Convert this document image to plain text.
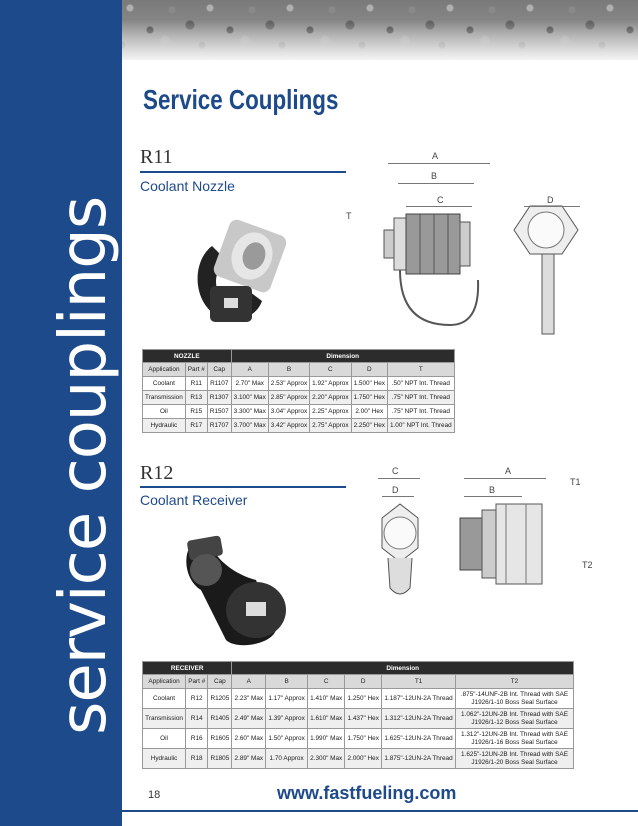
service couplings
Service Couplings
R11
Coolant Nozzle
A
B
C	D
T
NOZZLE			Dimension				
Application	Part #	Cap	A	B	C	D	T
Coolant	R11	R1107	2.70" Max	2.53" Approx	1.92" Approx	1.500" Hex	.50" NPT Int. Thread
Transmission	R13	R1307	3.100" Max	2.85" Approx	2.20" Approx	1.750" Hex	.75" NPT Int. Thread
Oil	R15	R1507	3.300" Max	3.04" Approx	2.25" Approx	2.00" Hex	.75" NPT Int. Thread
Hydraulic	R17	R1707	3.700" Max	3.42" Approx	2.75" Approx	2.250" Hex	1.00" NPT Int. Thread
R12
Coolant Receiver
C
D
A
B
T1
T2
RECEIVER			Dimension					
Application	Part #	Cap	A	B	C	D	T1	T2
Coolant	R12	R1205	2.23" Max	1.17" Approx	1.410" Max	1.250" Hex	1.187"-12UN-2A Thread	.875"-14UNF-2B Int. Thread with SAE J1926/1-10 Boss Seal Surface
Transmission	R14	R1405	2.49" Max	1.39" Approx	1.610" Max	1.437" Hex	1.312"-12UN-2A Thread	1.062"-12UN-2B Int. Thread with SAE J1926/1-12 Boss Seal Surface
Oil	R16	R1605	2.60" Max	1.50" Approx	1.990" Max	1.750" Hex	1.625"-12UN-2A Thread	1.312"-12UN-2B Int. Thread with SAE J1926/1-16 Boss Seal Surface
Hydraulic	R18	R1805	2.89" Max	1.70 Approx	2.300" Max	2.000" Hex	1.875"-12UN-2A Thread	1.625"-12UN-2B Int. Thread with SAE J1926/1-20 Boss Seal Surface
18	www.fastfueling.com
